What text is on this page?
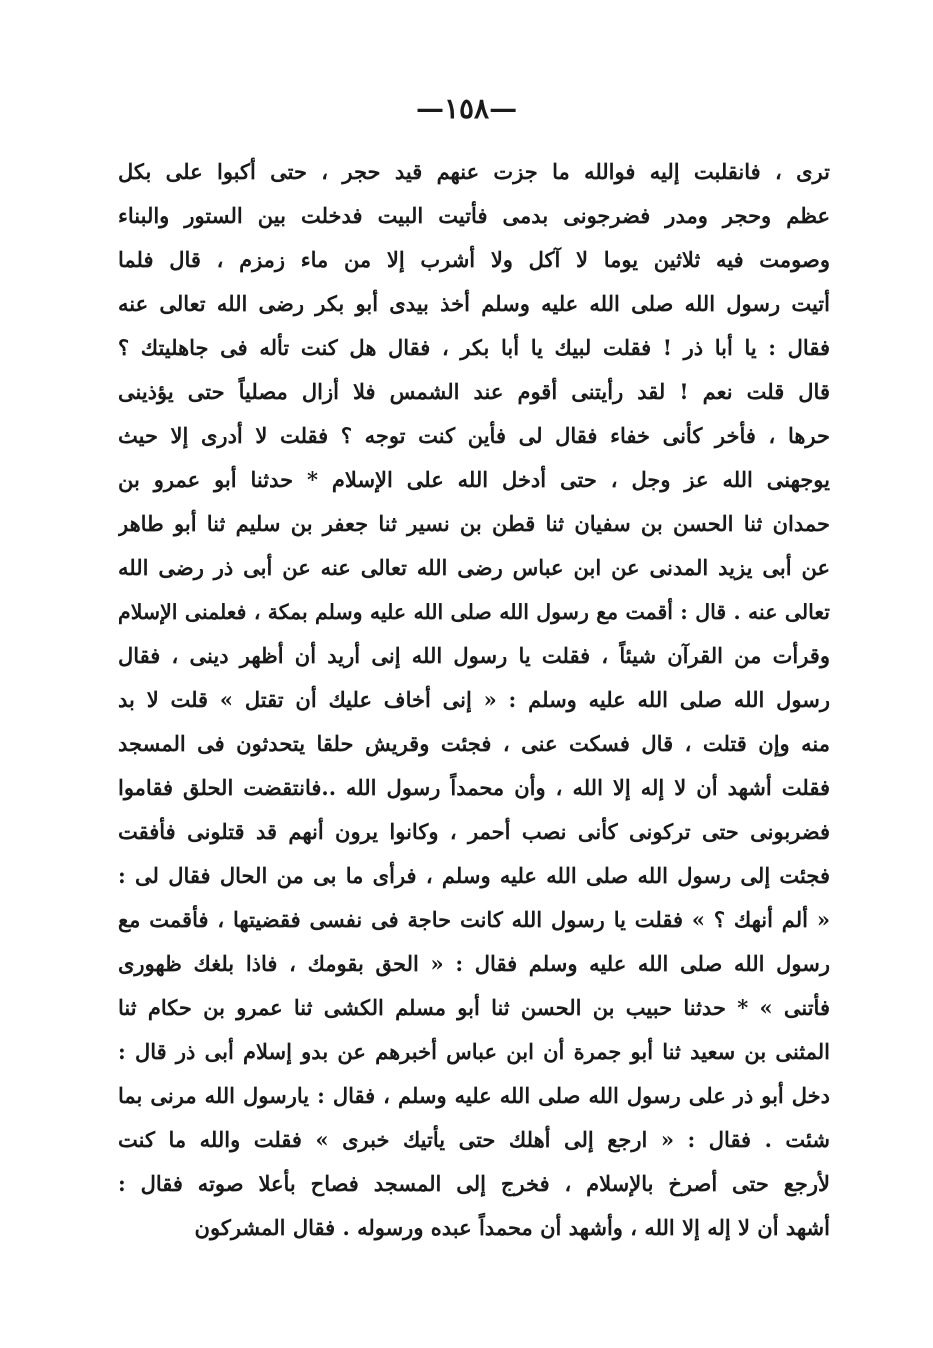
—١٥٨—
ترى ، فانقلبت إليه فوالله ما جزت عنهم قيد حجر ، حتى أكبوا على بكل
عظم وحجر ومدر فضرجونى بدمى فأتيت البيت فدخلت بين الستور والبناء
وصومت فيه ثلاثين يوما لا آكل ولا أشرب إلا من ماء زمزم ، قال فلما
أتيت رسول الله صلى الله عليه وسلم أخذ بيدى أبو بكر رضى الله تعالى عنه
فقال : يا أبا ذر ! فقلت لبيك يا أبا بكر ، فقال هل كنت تأله فى جاهليتك ؟
قال قلت نعم ! لقد رأيتنى أقوم عند الشمس فلا أزال مصلياً حتى يؤذينى
حرها ، فأخر كأنى خفاء فقال لى فأين كنت توجه ؟ فقلت لا أدرى إلا حيث
يوجهنى الله عز وجل ، حتى أدخل الله على الإسلام * حدثنا أبو عمرو بن
حمدان ثنا الحسن بن سفيان ثنا قطن بن نسير ثنا جعفر بن سليم ثنا أبو طاهر
عن أبى يزيد المدنى عن ابن عباس رضى الله تعالى عنه عن أبى ذر رضى الله
تعالى عنه . قال : أقمت مع رسول الله صلى الله عليه وسلم بمكة ، فعلمنى الإسلام
وقرأت من القرآن شيئاً ، فقلت يا رسول الله إنى أريد أن أظهر دينى ، فقال
رسول الله صلى الله عليه وسلم : « إنى أخاف عليك أن تقتل » قلت لا بد
منه وإن قتلت ، قال فسكت عنى ، فجئت وقريش حلقا يتحدثون فى المسجد
فقلت أشهد أن لا إله إلا الله ، وأن محمداً رسول الله ..فانتقضت الحلق فقاموا
فضربونى حتى تركونى كأنى نصب أحمر ، وكانوا يرون أنهم قد قتلونى فأفقت
فجئت إلى رسول الله صلى الله عليه وسلم ، فرأى ما بى من الحال فقال لى :
« ألم أنهك ؟ » فقلت يا رسول الله كانت حاجة فى نفسى فقضيتها ، فأقمت مع
رسول الله صلى الله عليه وسلم فقال : « الحق بقومك ، فاذا بلغك ظهورى
فأتنى » * حدثنا حبيب بن الحسن ثنا أبو مسلم الكشى ثنا عمرو بن حكام ثنا
المثنى بن سعيد ثنا أبو جمرة أن ابن عباس أخبرهم عن بدو إسلام أبى ذر قال :
دخل أبو ذر على رسول الله صلى الله عليه وسلم ، فقال : يارسول الله مرنى بما
شئت . فقال : « ارجع إلى أهلك حتى يأتيك خبرى » فقلت والله ما كنت
لأرجع حتى أصرخ بالإسلام ، فخرج إلى المسجد فصاح بأعلا صوته فقال :
أشهد أن لا إله إلا الله ، وأشهد أن محمداً عبده ورسوله . فقال المشركون
